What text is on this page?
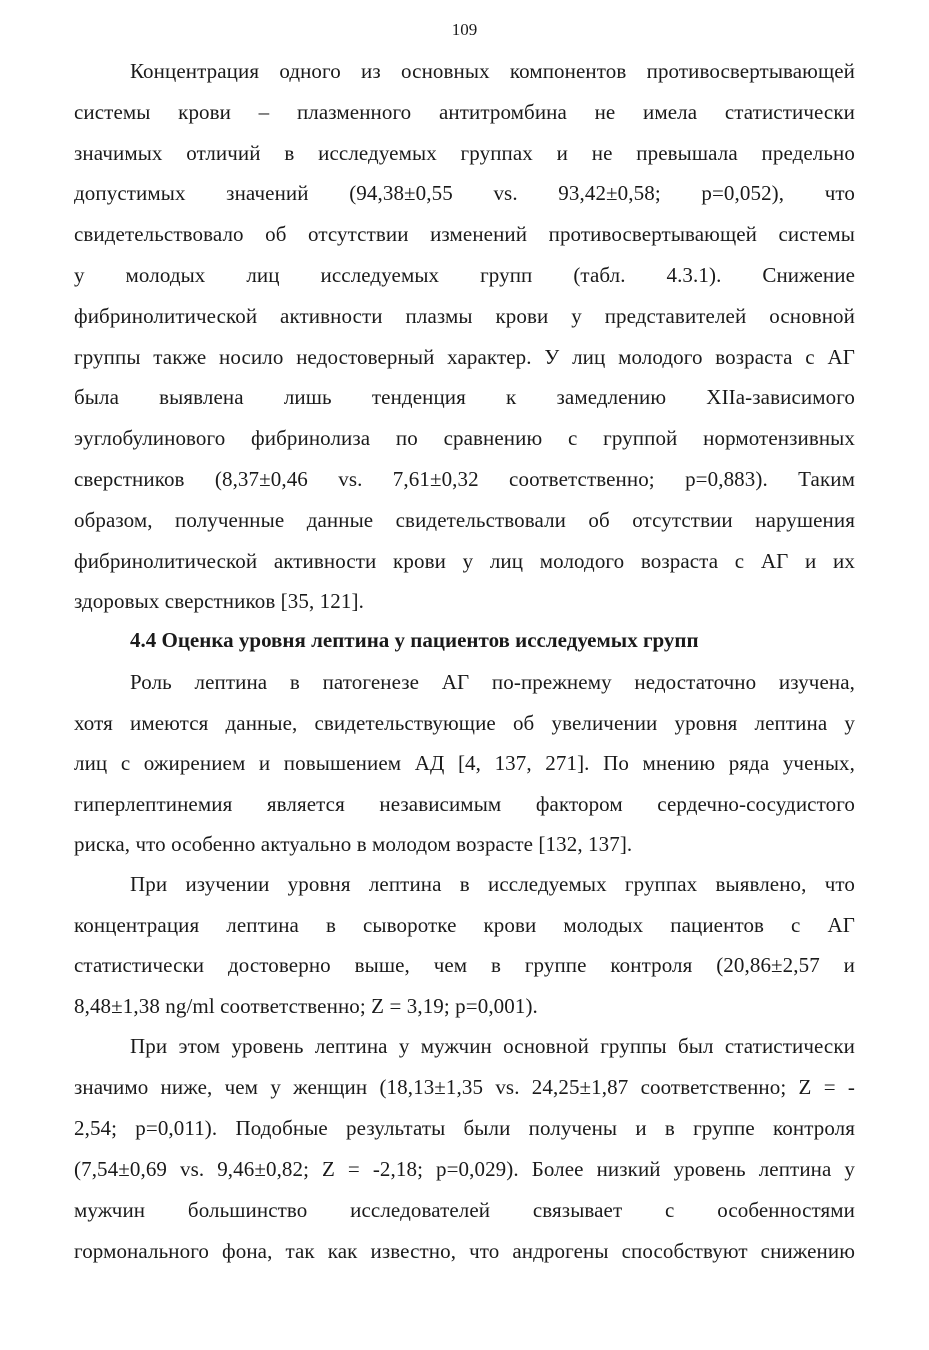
109
Концентрация одного из основных компонентов противосвертывающей
системы крови – плазменного антитромбина не имела статистически
значимых отличий в исследуемых группах и не превышала предельно
допустимых значений (94,38±0,55 vs. 93,42±0,58; p=0,052), что
свидетельствовало об отсутствии изменений противосвертывающей системы
у молодых лиц исследуемых групп (табл. 4.3.1). Снижение
фибринолитической активности плазмы крови у представителей основной
группы также носило недостоверный характер. У лиц молодого возраста с АГ
была выявлена лишь тенденция к замедлению XIIa-зависимого
эуглобулинового фибринолиза по сравнению с группой нормотензивных
сверстников (8,37±0,46 vs. 7,61±0,32 соответственно; p=0,883). Таким
образом, полученные данные свидетельствовали об отсутствии нарушения
фибринолитической активности крови у лиц молодого возраста с АГ и их
здоровых сверстников [35, 121].
4.4 Оценка уровня лептина у пациентов исследуемых групп
Роль лептина в патогенезе АГ по-прежнему недостаточно изучена,
хотя имеются данные, свидетельствующие об увеличении уровня лептина у
лиц с ожирением и повышением АД [4, 137, 271]. По мнению ряда ученых,
гиперлептинемия является независимым фактором сердечно-сосудистого
риска, что особенно актуально в молодом возрасте [132, 137].
При изучении уровня лептина в исследуемых группах выявлено, что
концентрация лептина в сыворотке крови молодых пациентов с АГ
статистически достоверно выше, чем в группе контроля (20,86±2,57 и
8,48±1,38 ng/ml соответственно; Z = 3,19; p=0,001).
При этом уровень лептина у мужчин основной группы был статистически
значимо ниже, чем у женщин (18,13±1,35 vs. 24,25±1,87 соответственно; Z = -
2,54; p=0,011). Подобные результаты были получены и в группе контроля
(7,54±0,69 vs. 9,46±0,82; Z = -2,18; p=0,029). Более низкий уровень лептина у
мужчин большинство исследователей связывает с особенностями
гормонального фона, так как известно, что андрогены способствуют снижению
